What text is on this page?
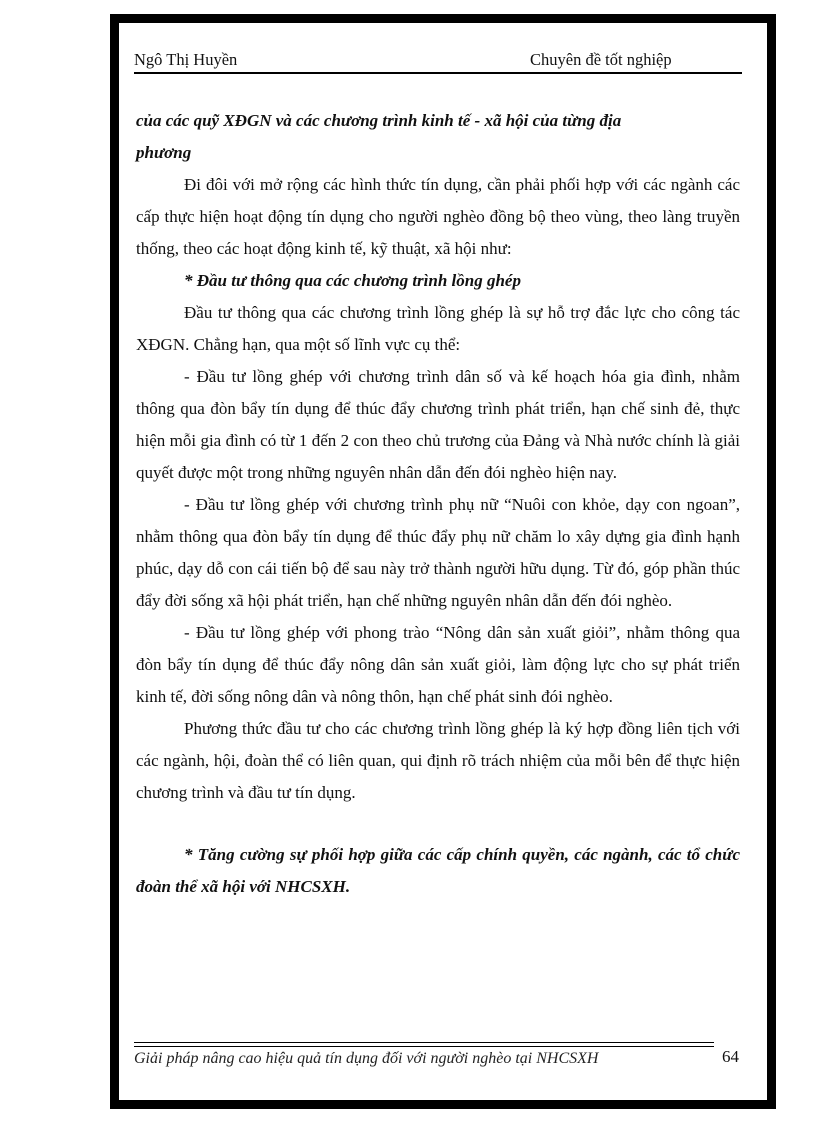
Ngô Thị Huyền	Chuyên đề tốt nghiệp

của các quỹ XĐGN và các chương trình kinh tế - xã hội của từng địa
phương

Đi đôi với mở rộng các hình thức tín dụng, cần phải phối hợp với các ngành các cấp thực hiện hoạt động tín dụng cho người nghèo đồng bộ theo vùng, theo làng truyền thống, theo các hoạt động kinh tế, kỹ thuật, xã hội như:

* Đầu tư thông qua các chương trình lồng ghép

Đầu tư thông qua các chương trình lồng ghép là sự hỗ trợ đắc lực cho công tác XĐGN. Chẳng hạn, qua một số lĩnh vực cụ thể:

- Đầu tư lồng ghép với chương trình dân số và kế hoạch hóa gia đình, nhằm thông qua đòn bẩy tín dụng để thúc đẩy chương trình phát triển, hạn chế sinh đẻ, thực hiện mỗi gia đình có từ 1 đến 2 con theo chủ trương của Đảng và Nhà nước chính là giải quyết được một trong những nguyên nhân dẫn đến đói nghèo hiện nay.

- Đầu tư lồng ghép với chương trình phụ nữ “Nuôi con khỏe, dạy con ngoan”, nhằm thông qua đòn bẩy tín dụng để thúc đẩy phụ nữ chăm lo xây dựng gia đình hạnh phúc, dạy dỗ con cái tiến bộ để sau này trở thành người hữu dụng. Từ đó, góp phần thúc đẩy đời sống xã hội phát triển, hạn chế những nguyên nhân dẫn đến đói nghèo.

- Đầu tư lồng ghép với phong trào “Nông dân sản xuất giỏi”, nhằm thông qua đòn bẩy tín dụng để thúc đẩy nông dân sản xuất giỏi, làm động lực cho sự phát triển kinh tế, đời sống nông dân và nông thôn, hạn chế phát sinh đói nghèo.

Phương thức đầu tư cho các chương trình lồng ghép là ký hợp đồng liên tịch với các ngành, hội, đoàn thể có liên quan, qui định rõ trách nhiệm của mỗi bên để thực hiện chương trình và đầu tư tín dụng.

* Tăng cường sự phối hợp giữa các cấp chính quyền, các ngành, các tổ chức đoàn thể xã hội với NHCSXH.

Giải pháp nâng cao hiệu quả tín dụng đối với người nghèo tại NHCSXH	64
